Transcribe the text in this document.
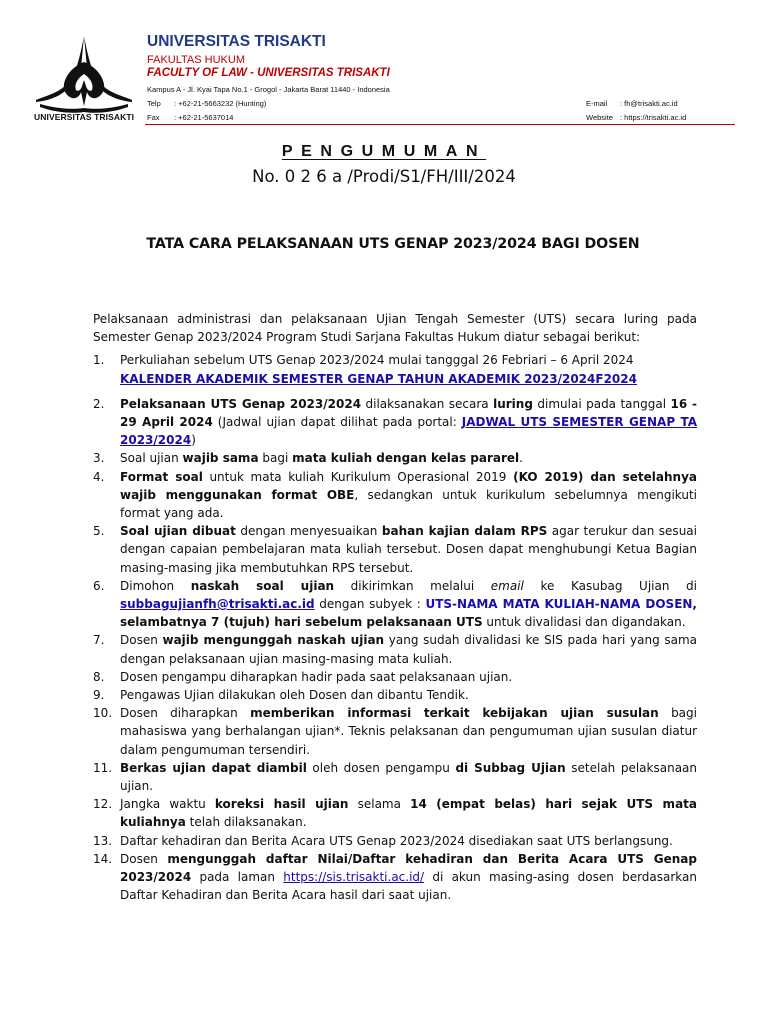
UNIVERSITAS TRISAKTI
UNIVERSITAS TRISAKTI
FAKULTAS HUKUM
FACULTY OF LAW - UNIVERSITAS TRISAKTI
Kampus A - Jl. Kyai Tapa No.1 - Grogol - Jakarta Barat 11440 - Indonesia
Telp : +62-21-5663232 (Hunting)
Fax : +62-21-5637014
E-mail : fh@trisakti.ac.id
Website : https://trisakti.ac.id
PENGUMUMAN
No. 0 2 6 a /Prodi/S1/FH/III/2024
TATA CARA PELAKSANAAN UTS GENAP 2023/2024 BAGI DOSEN

Pelaksanaan administrasi dan pelaksanaan Ujian Tengah Semester (UTS) secara luring pada Semester Genap 2023/2024 Program Studi Sarjana Fakultas Hukum diatur sebagai berikut:

1. Perkuliahan sebelum UTS Genap 2023/2024 mulai tangggal 26 Febriari – 6 April 2024
KALENDER AKADEMIK SEMESTER GENAP TAHUN AKADEMIK 2023/2024F2024
2. Pelaksanaan UTS Genap 2023/2024 dilaksanakan secara luring dimulai pada tanggal 16 - 29 April 2024 (Jadwal ujian dapat dilihat pada portal: JADWAL UTS SEMESTER GENAP TA 2023/2024)
3. Soal ujian wajib sama bagi mata kuliah dengan kelas pararel.
4. Format soal untuk mata kuliah Kurikulum Operasional 2019 (KO 2019) dan setelahnya wajib menggunakan format OBE, sedangkan untuk kurikulum sebelumnya mengikuti format yang ada.
5. Soal ujian dibuat dengan menyesuaikan bahan kajian dalam RPS agar terukur dan sesuai dengan capaian pembelajaran mata kuliah tersebut. Dosen dapat menghubungi Ketua Bagian masing-masing jika membutuhkan RPS tersebut.
6. Dimohon naskah soal ujian dikirimkan melalui email ke Kasubag Ujian di subbagujianfh@trisakti.ac.id dengan subyek : UTS-NAMA MATA KULIAH-NAMA DOSEN, selambatnya 7 (tujuh) hari sebelum pelaksanaan UTS untuk divalidasi dan digandakan.
7. Dosen wajib mengunggah naskah ujian yang sudah divalidasi ke SIS pada hari yang sama dengan pelaksanaan ujian masing-masing mata kuliah.
8. Dosen pengampu diharapkan hadir pada saat pelaksanaan ujian.
9. Pengawas Ujian dilakukan oleh Dosen dan dibantu Tendik.
10. Dosen diharapkan memberikan informasi terkait kebijakan ujian susulan bagi mahasiswa yang berhalangan ujian*. Teknis pelaksanan dan pengumuman ujian susulan diatur dalam pengumuman tersendiri.
11. Berkas ujian dapat diambil oleh dosen pengampu di Subbag Ujian setelah pelaksanaan ujian.
12. Jangka waktu koreksi hasil ujian selama 14 (empat belas) hari sejak UTS mata kuliahnya telah dilaksanakan.
13. Daftar kehadiran dan Berita Acara UTS Genap 2023/2024 disediakan saat UTS berlangsung.
14. Dosen mengunggah daftar Nilai/Daftar kehadiran dan Berita Acara UTS Genap 2023/2024 pada laman https://sis.trisakti.ac.id/ di akun masing-asing dosen berdasarkan Daftar Kehadiran dan Berita Acara hasil dari saat ujian.
